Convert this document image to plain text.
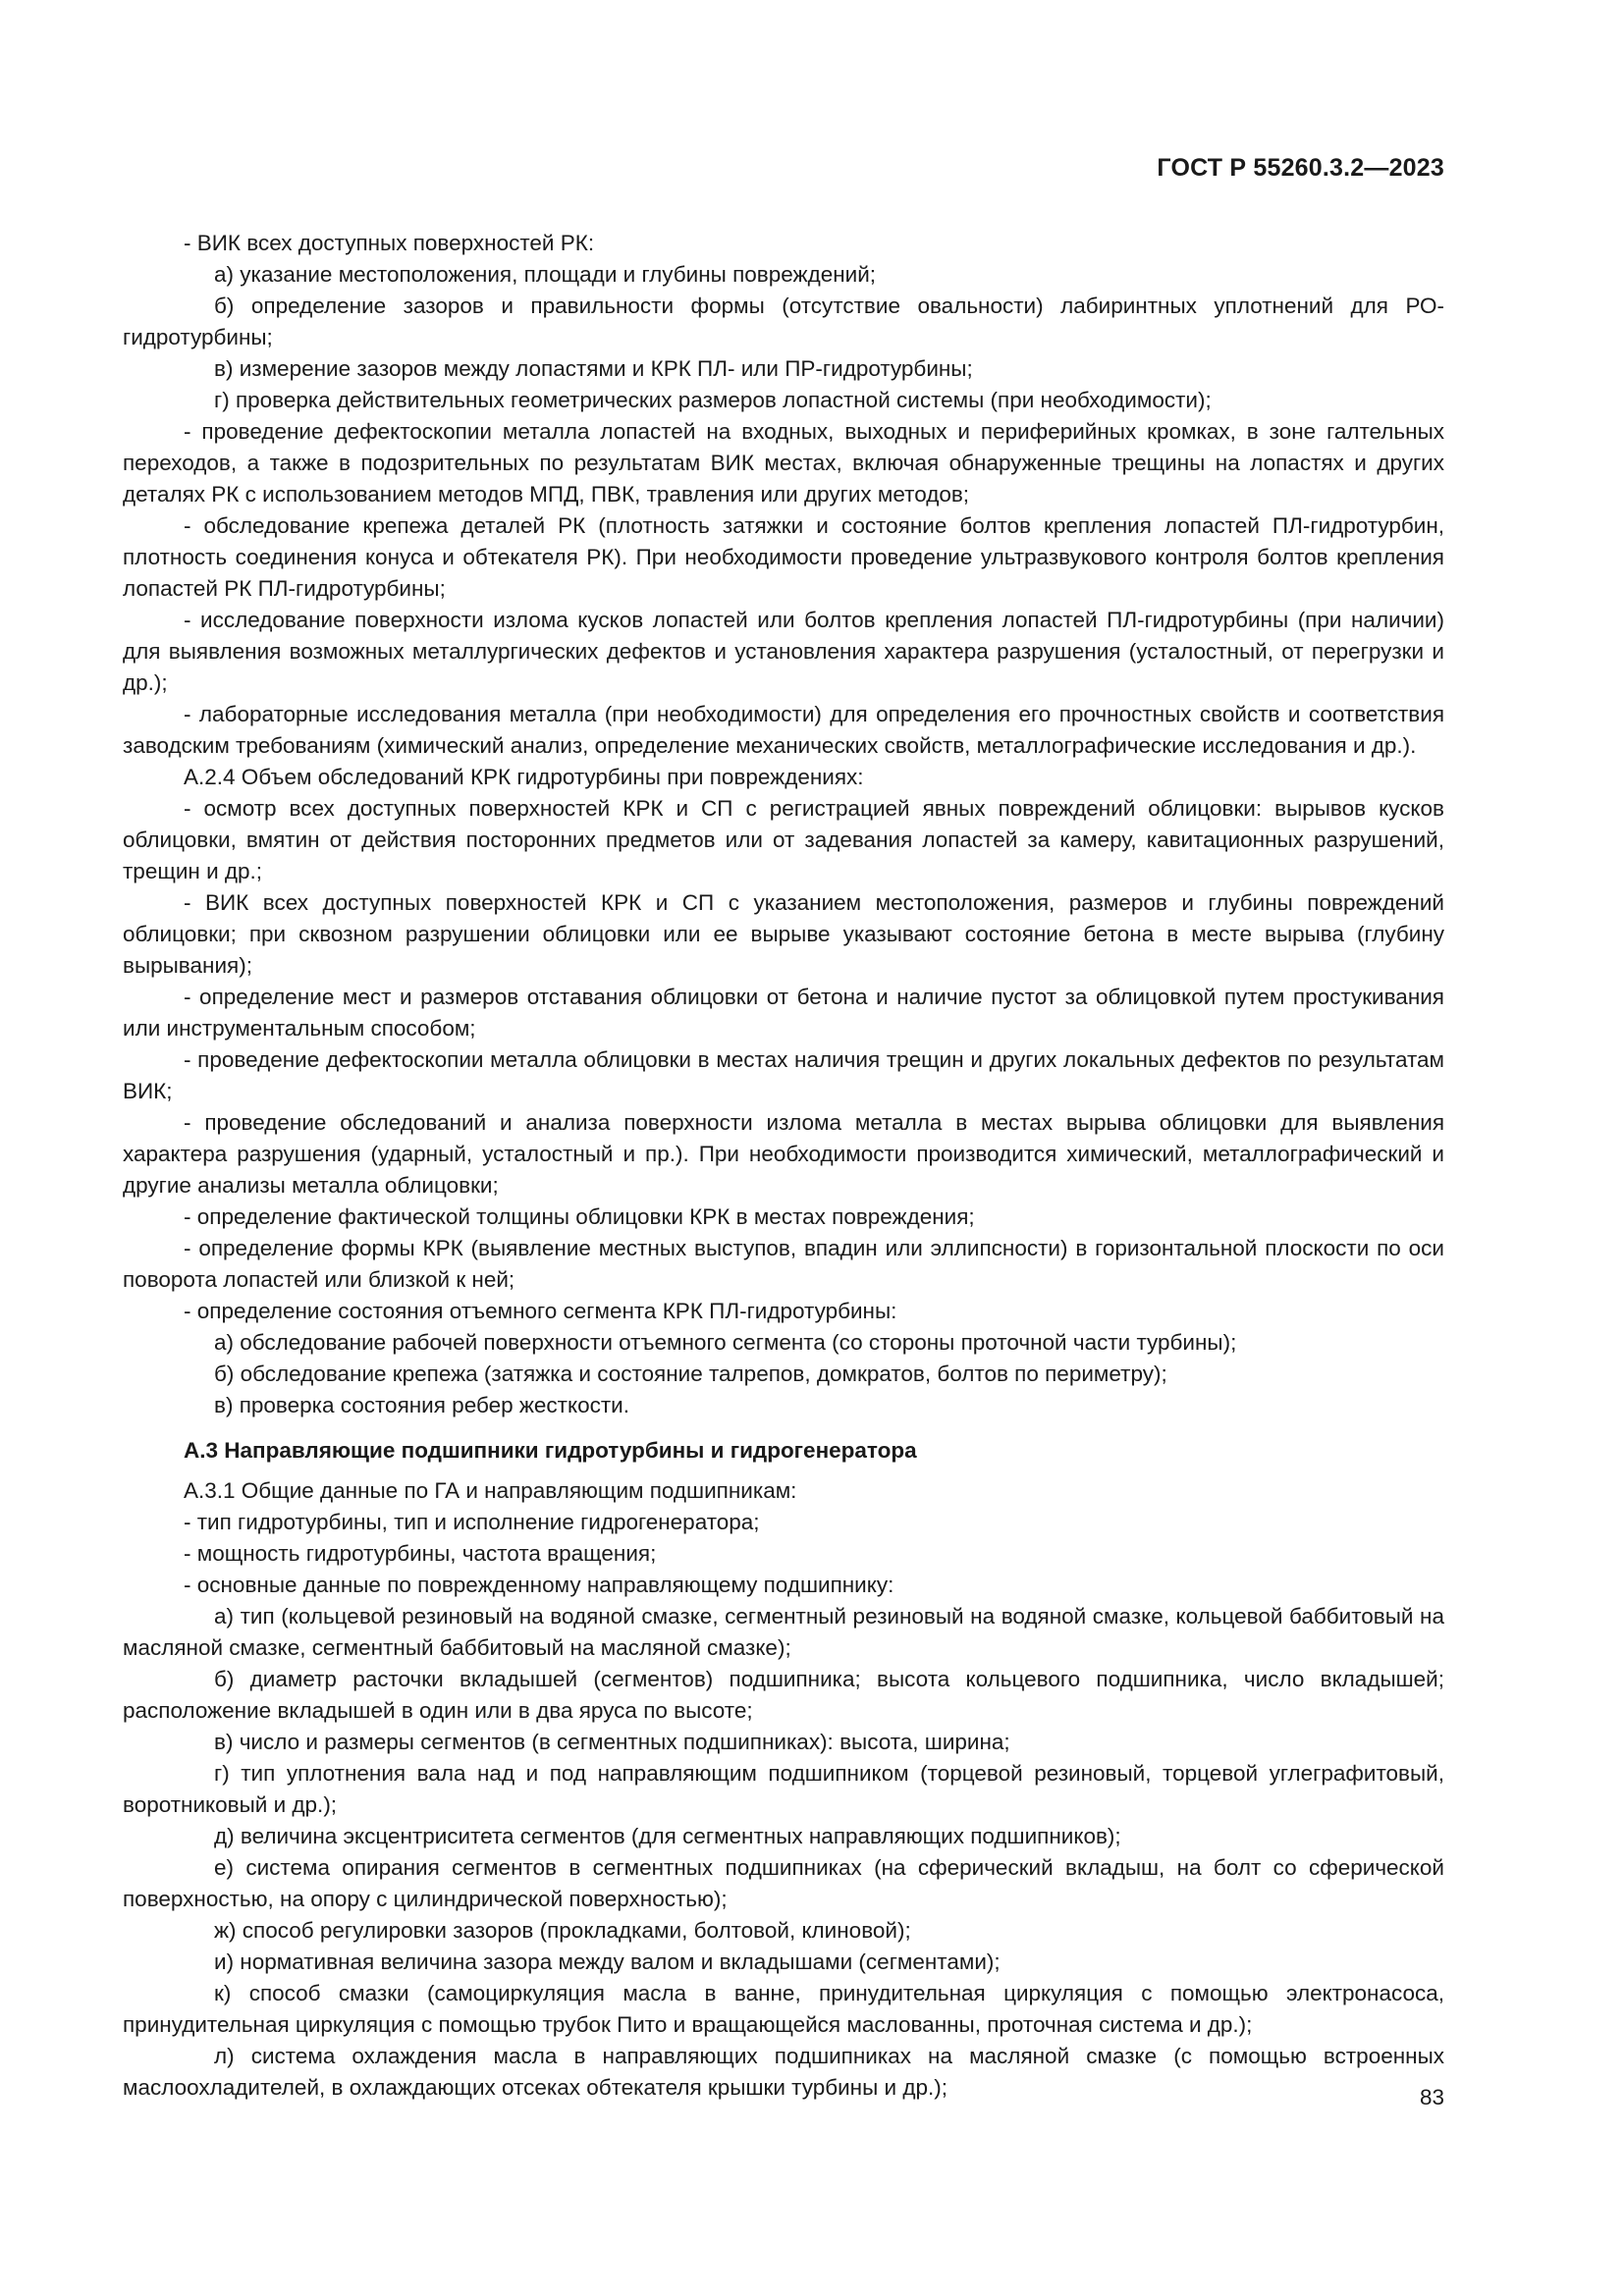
ГОСТ Р 55260.3.2—2023

- ВИК всех доступных поверхностей РК:

а) указание местоположения, площади и глубины повреждений;

б) определение зазоров и правильности формы (отсутствие овальности) лабиринтных уплотнений для РО-гидротурбины;

в) измерение зазоров между лопастями и КРК ПЛ- или ПР-гидротурбины;

г) проверка действительных геометрических размеров лопастной системы (при необходимости);

- проведение дефектоскопии металла лопастей на входных, выходных и периферийных кромках, в зоне галтельных переходов, а также в подозрительных по результатам ВИК местах, включая обнаруженные трещины на лопастях и других деталях РК с использованием методов МПД, ПВК, травления или других методов;

- обследование крепежа деталей РК (плотность затяжки и состояние болтов крепления лопастей ПЛ-гидротурбин, плотность соединения конуса и обтекателя РК). При необходимости проведение ультразвукового контроля болтов крепления лопастей РК ПЛ-гидротурбины;

- исследование поверхности излома кусков лопастей или болтов крепления лопастей ПЛ-гидротурбины (при наличии) для выявления возможных металлургических дефектов и установления характера разрушения (усталостный, от перегрузки и др.);

- лабораторные исследования металла (при необходимости) для определения его прочностных свойств и соответствия заводским требованиям (химический анализ, определение механических свойств, металлографические исследования и др.).

А.2.4 Объем обследований КРК гидротурбины при повреждениях:

- осмотр всех доступных поверхностей КРК и СП с регистрацией явных повреждений облицовки: вырывов кусков облицовки, вмятин от действия посторонних предметов или от задевания лопастей за камеру, кавитационных разрушений, трещин и др.;

- ВИК всех доступных поверхностей КРК и СП с указанием местоположения, размеров и глубины повреждений облицовки; при сквозном разрушении облицовки или ее вырыве указывают состояние бетона в месте вырыва (глубину вырывания);

- определение мест и размеров отставания облицовки от бетона и наличие пустот за облицовкой путем простукивания или инструментальным способом;

- проведение дефектоскопии металла облицовки в местах наличия трещин и других локальных дефектов по результатам ВИК;

- проведение обследований и анализа поверхности излома металла в местах вырыва облицовки для выявления характера разрушения (ударный, усталостный и пр.). При необходимости производится химический, металлографический и другие анализы металла облицовки;

- определение фактической толщины облицовки КРК в местах повреждения;

- определение формы КРК (выявление местных выступов, впадин или эллипсности) в горизонтальной плоскости по оси поворота лопастей или близкой к ней;

- определение состояния отъемного сегмента КРК ПЛ-гидротурбины:

а) обследование рабочей поверхности отъемного сегмента (со стороны проточной части турбины);

б) обследование крепежа (затяжка и состояние талрепов, домкратов, болтов по периметру);

в) проверка состояния ребер жесткости.

А.3 Направляющие подшипники гидротурбины и гидрогенератора

А.3.1 Общие данные по ГА и направляющим подшипникам:

- тип гидротурбины, тип и исполнение гидрогенератора;

- мощность гидротурбины, частота вращения;

- основные данные по поврежденному направляющему подшипнику:

а) тип (кольцевой резиновый на водяной смазке, сегментный резиновый на водяной смазке, кольцевой баббитовый на масляной смазке, сегментный баббитовый на масляной смазке);

б) диаметр расточки вкладышей (сегментов) подшипника; высота кольцевого подшипника, число вкладышей; расположение вкладышей в один или в два яруса по высоте;

в) число и размеры сегментов (в сегментных подшипниках): высота, ширина;

г) тип уплотнения вала над и под направляющим подшипником (торцевой резиновый, торцевой углеграфитовый, воротниковый и др.);

д) величина эксцентриситета сегментов (для сегментных направляющих подшипников);

е) система опирания сегментов в сегментных подшипниках (на сферический вкладыш, на болт со сферической поверхностью, на опору с цилиндрической поверхностью);

ж) способ регулировки зазоров (прокладками, болтовой, клиновой);

и) нормативная величина зазора между валом и вкладышами (сегментами);

к) способ смазки (самоциркуляция масла в ванне, принудительная циркуляция с помощью электронасоса, принудительная циркуляция с помощью трубок Пито и вращающейся маслованны, проточная система и др.);

л) система охлаждения масла в направляющих подшипниках на масляной смазке (с помощью встроенных маслоохладителей, в охлаждающих отсеках обтекателя крышки турбины и др.);	83
